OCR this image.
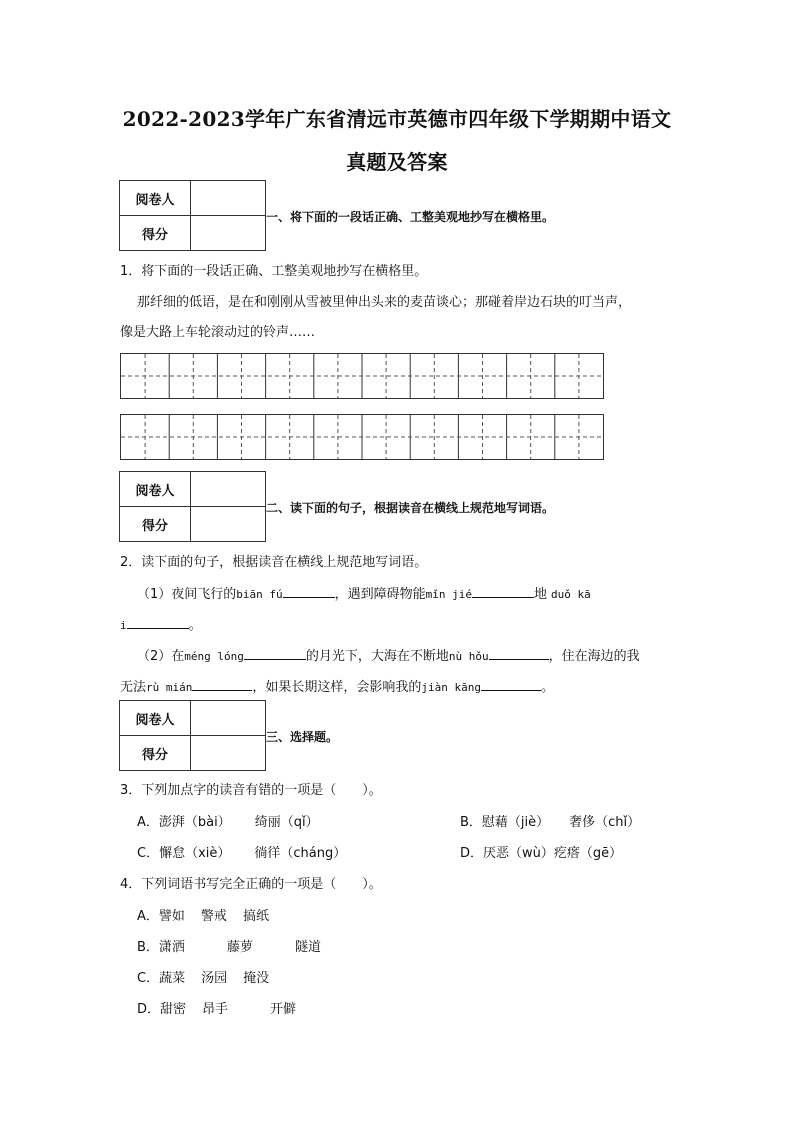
2022-2023学年广东省清远市英德市四年级下学期期中语文
真题及答案
阅卷人	
得分	
一、将下面的一段话正确、工整美观地抄写在横格里。
1．将下面的一段话正确、工整美观地抄写在横格里。
那纤细的低语，是在和刚刚从雪被里伸出头来的麦苗谈心；那碰着岸边石块的叮当声，
像是大路上车轮滚动过的铃声……
阅卷人	
得分	
二、读下面的句子，根据读音在横线上规范地写词语。
2．读下面的句子，根据读音在横线上规范地写词语。
（1）夜间飞行的biān fú	，遇到障碍物能mǐn jié	地 duǒ kā
i	。
（2）在méng lóng	的月光下，大海在不断地nù hǒu	，住在海边的我
无法rù mián	，如果长期这样，会影响我的jiàn kāng	。
阅卷人	
得分	
三、选择题。
3．下列加点字的读音有错的一项是（　　）。
A．澎湃（bài） 绮丽（qǐ）	B．慰藉（jiè） 奢侈（chǐ）
C．懈怠（xiè） 徜徉（cháng）	D．厌恶（wù）疙瘩（gē）
4．下列词语书写完全正确的一项是（　　）。
A．譬如 警戒 搞纸
B．潇洒	藤萝	隧道
C．蔬菜 汤园 掩没
D．甜密 昂手	开僻
